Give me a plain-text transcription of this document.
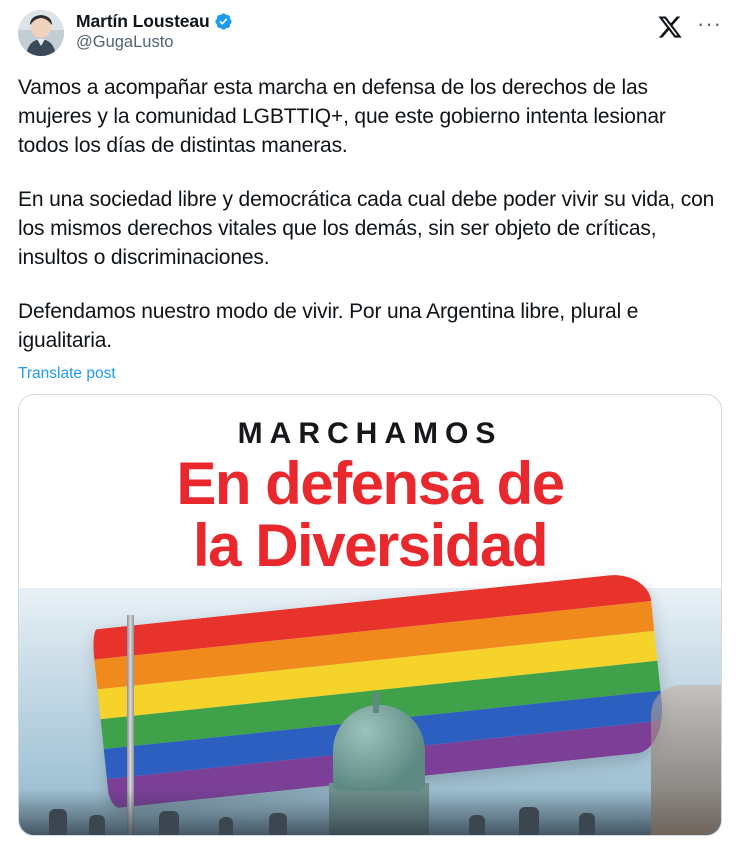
Martín Lousteau
@GugaLusto
···

Vamos a acompañar esta marcha en defensa de los derechos de las mujeres y la comunidad LGBTTIQ+, que este gobierno intenta lesionar todos los días de distintas maneras.

En una sociedad libre y democrática cada cual debe poder vivir su vida, con los mismos derechos vitales que los demás, sin ser objeto de críticas, insultos o discriminaciones.

Defendamos nuestro modo de vivir. Por una Argentina libre, plural e igualitaria.

Translate post
MARCHAMOS
En defensa de
la Diversidad
